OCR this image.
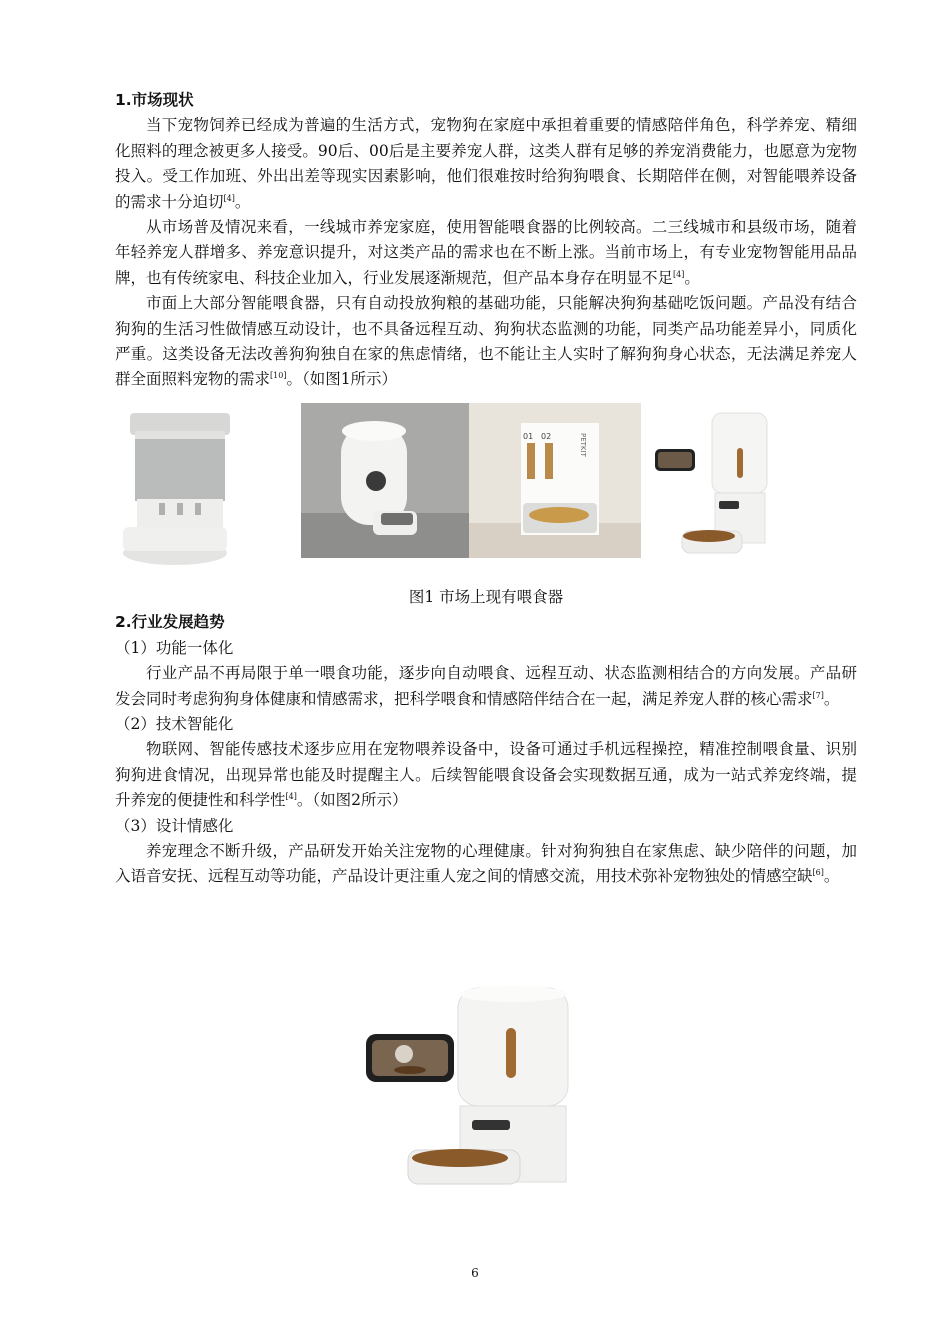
1.市场现状

当下宠物饲养已经成为普遍的生活方式，宠物狗在家庭中承担着重要的情感陪伴角色，科学养宠、精细化照料的理念被更多人接受。90后、00后是主要养宠人群，这类人群有足够的养宠消费能力，也愿意为宠物投入。受工作加班、外出出差等现实因素影响，他们很难按时给狗狗喂食、长期陪伴在侧，对智能喂养设备的需求十分迫切[4]。

从市场普及情况来看，一线城市养宠家庭，使用智能喂食器的比例较高。二三线城市和县级市场，随着年轻养宠人群增多、养宠意识提升，对这类产品的需求也在不断上涨。当前市场上，有专业宠物智能用品品牌，也有传统家电、科技企业加入，行业发展逐渐规范，但产品本身存在明显不足[4]。

市面上大部分智能喂食器，只有自动投放狗粮的基础功能，只能解决狗狗基础吃饭问题。产品没有结合狗狗的生活习性做情感互动设计，也不具备远程互动、狗狗状态监测的功能，同类产品功能差异小，同质化严重。这类设备无法改善狗狗独自在家的焦虑情绪，也不能让主人实时了解狗狗身心状态，无法满足养宠人群全面照料宠物的需求[10]。（如图1所示）

01 02	PETKIT

图1 市场上现有喂食器

2.行业发展趋势

（1）功能一体化

行业产品不再局限于单一喂食功能，逐步向自动喂食、远程互动、状态监测相结合的方向发展。产品研发会同时考虑狗狗身体健康和情感需求，把科学喂食和情感陪伴结合在一起，满足养宠人群的核心需求[7]。

（2）技术智能化

物联网、智能传感技术逐步应用在宠物喂养设备中，设备可通过手机远程操控，精准控制喂食量、识别狗狗进食情况，出现异常也能及时提醒主人。后续智能喂食设备会实现数据互通，成为一站式养宠终端，提升养宠的便捷性和科学性[4]。（如图2所示）

（3）设计情感化

养宠理念不断升级，产品研发开始关注宠物的心理健康。针对狗狗独自在家焦虑、缺少陪伴的问题，加入语音安抚、远程互动等功能，产品设计更注重人宠之间的情感交流，用技术弥补宠物独处的情感空缺[6]。

6
